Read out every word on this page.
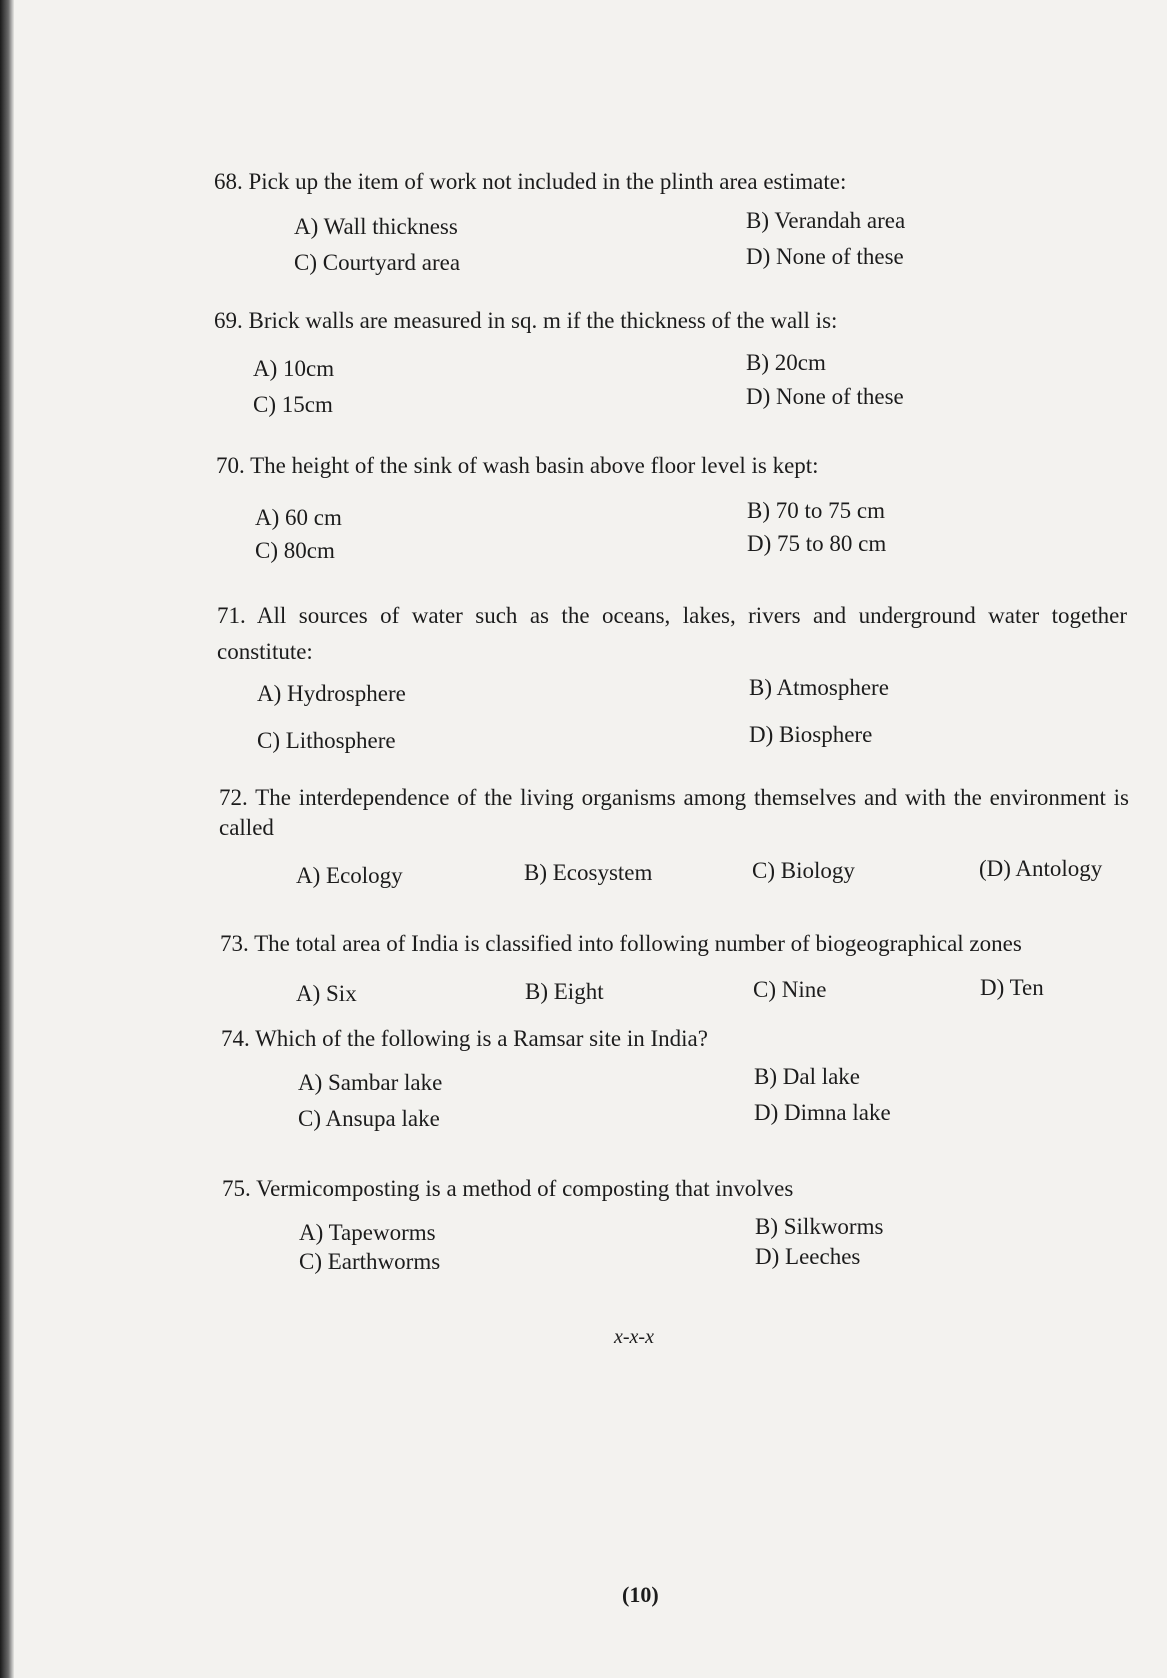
68. Pick up the item of work not included in the plinth area estimate:
A) Wall thickness	B) Verandah area
C) Courtyard area	D) None of these
69. Brick walls are measured in sq. m if the thickness of the wall is:
A) 10cm	B) 20cm
C) 15cm	D) None of these
70. The height of the sink of wash basin above floor level is kept:
A) 60 cm	B) 70 to 75 cm
C) 80cm	D) 75 to 80 cm
71. All sources of water such as the oceans, lakes, rivers and underground water together constitute:
A) Hydrosphere	B) Atmosphere
C) Lithosphere	D) Biosphere
72. The interdependence of the living organisms among themselves and with the environment is called
A) Ecology	B) Ecosystem	C) Biology	(D) Antology
73. The total area of India is classified into following number of biogeographical zones
A) Six	B) Eight	C) Nine	D) Ten
74. Which of the following is a Ramsar site in India?
A) Sambar lake	B) Dal lake
C) Ansupa lake	D) Dimna lake
75. Vermicomposting is a method of composting that involves
A) Tapeworms	B) Silkworms
C) Earthworms	D) Leeches
x-x-x
(10)
